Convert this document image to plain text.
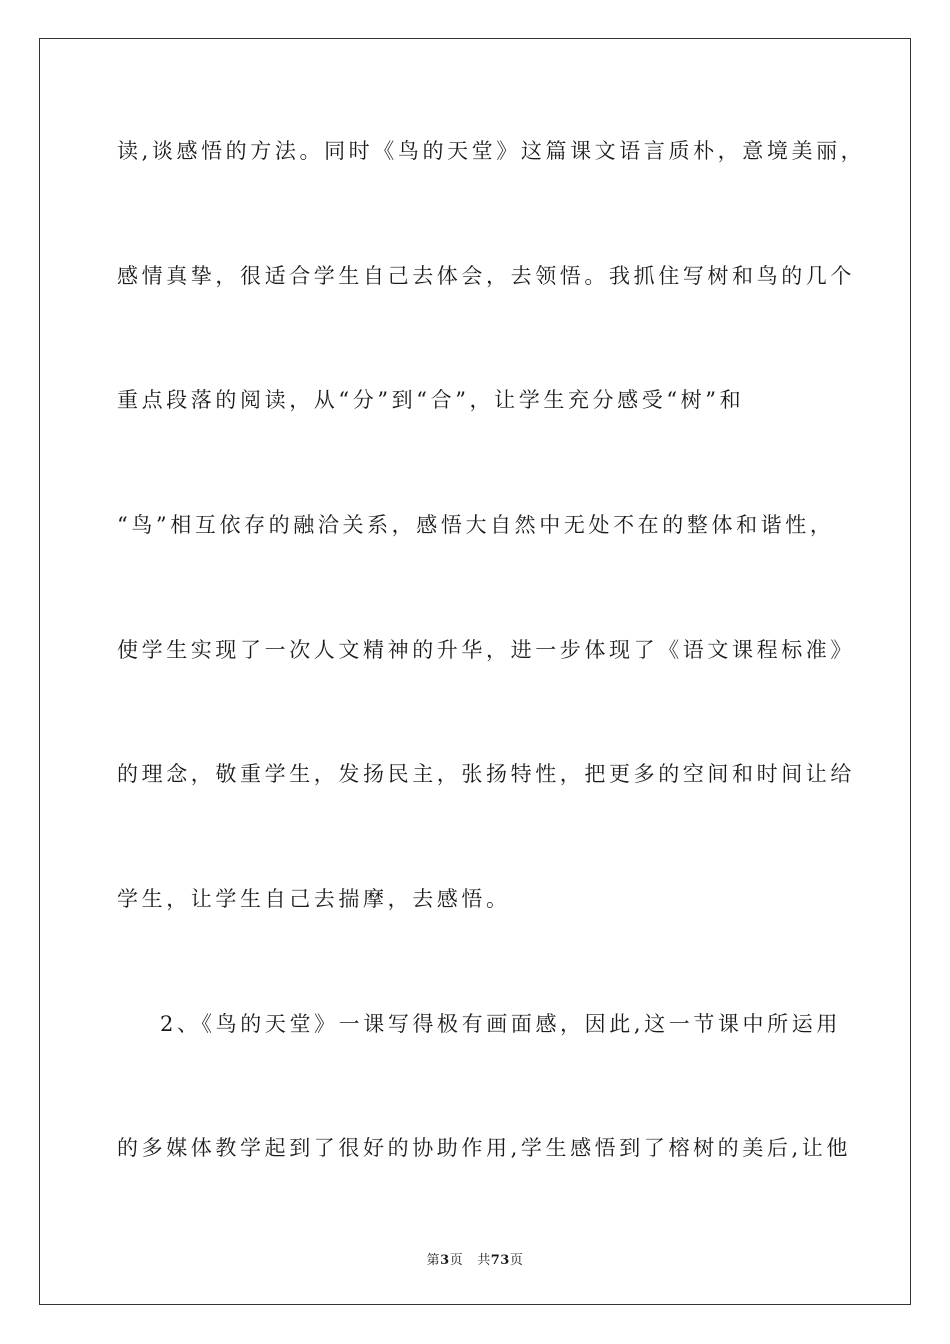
读,谈感悟的方法。同时《鸟的天堂》这篇课文语言质朴，意境美丽，
感情真挚，很适合学生自己去体会，去领悟。我抓住写树和鸟的几个
重点段落的阅读，从“分”到“合”，让学生充分感受“树”和
“鸟”相互依存的融洽关系，感悟大自然中无处不在的整体和谐性，
使学生实现了一次人文精神的升华，进一步体现了《语文课程标准》
的理念，敬重学生，发扬民主，张扬特性，把更多的空间和时间让给
学生，让学生自己去揣摩，去感悟。
2、《鸟的天堂》一课写得极有画面感，因此,这一节课中所运用
的多媒体教学起到了很好的协助作用,学生感悟到了榕树的美后,让他
第3页 共73页
